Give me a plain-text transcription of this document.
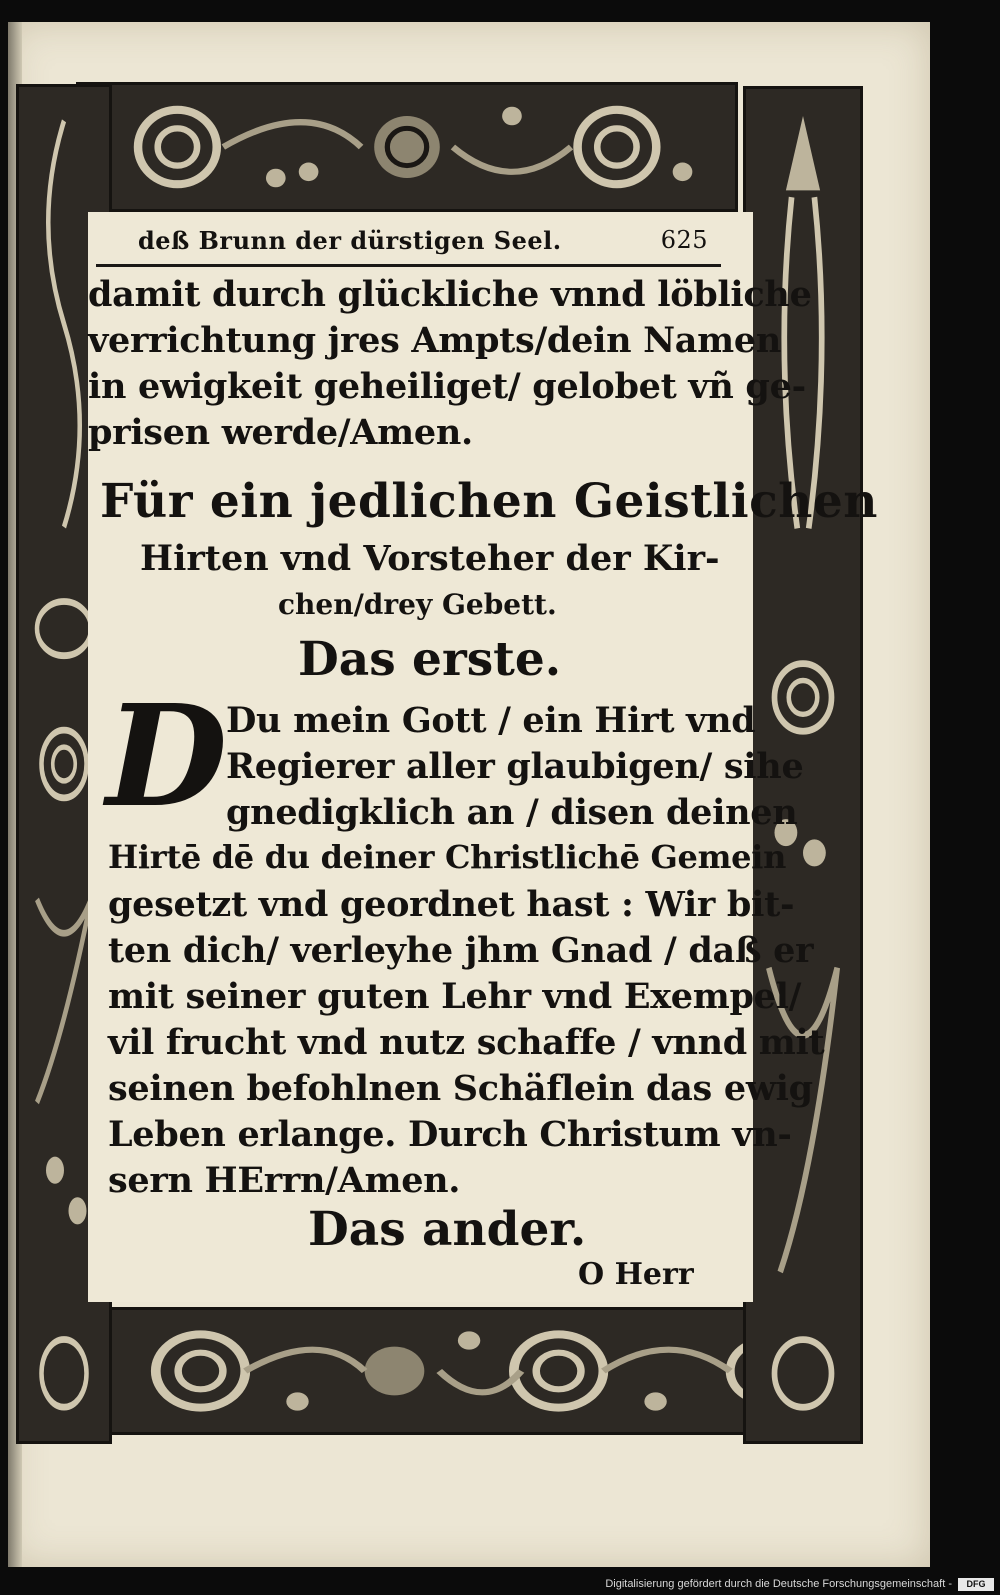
deß Brunn der dürstigen Seel.	625
damit durch glückliche vnnd löbliche
verrichtung jres Ampts/dein Namen
in ewigkeit geheiliget/ gelobet vñ ge-
prisen werde/Amen.
Für ein jedlichen Geistlichen
Hirten vnd Vorsteher der Kir-
chen/drey Gebett.
Das erste.
D
Du mein Gott / ein Hirt vnd
Regierer aller glaubigen/ sihe
gnedigklich an / disen deinen
Hirtē dē du deiner Christlichē Gemein
gesetzt vnd geordnet hast : Wir bit-
ten dich/ verleyhe jhm Gnad / daß er
mit seiner guten Lehr vnd Exempel/
vil frucht vnd nutz schaffe / vnnd mit
seinen befohlnen Schäflein das ewig
Leben erlange. Durch Christum vn-
sern HErrn/Amen.
Das ander.
O Herr
Digitalisierung gefördert durch die Deutsche Forschungsgemeinschaft -	DFG
